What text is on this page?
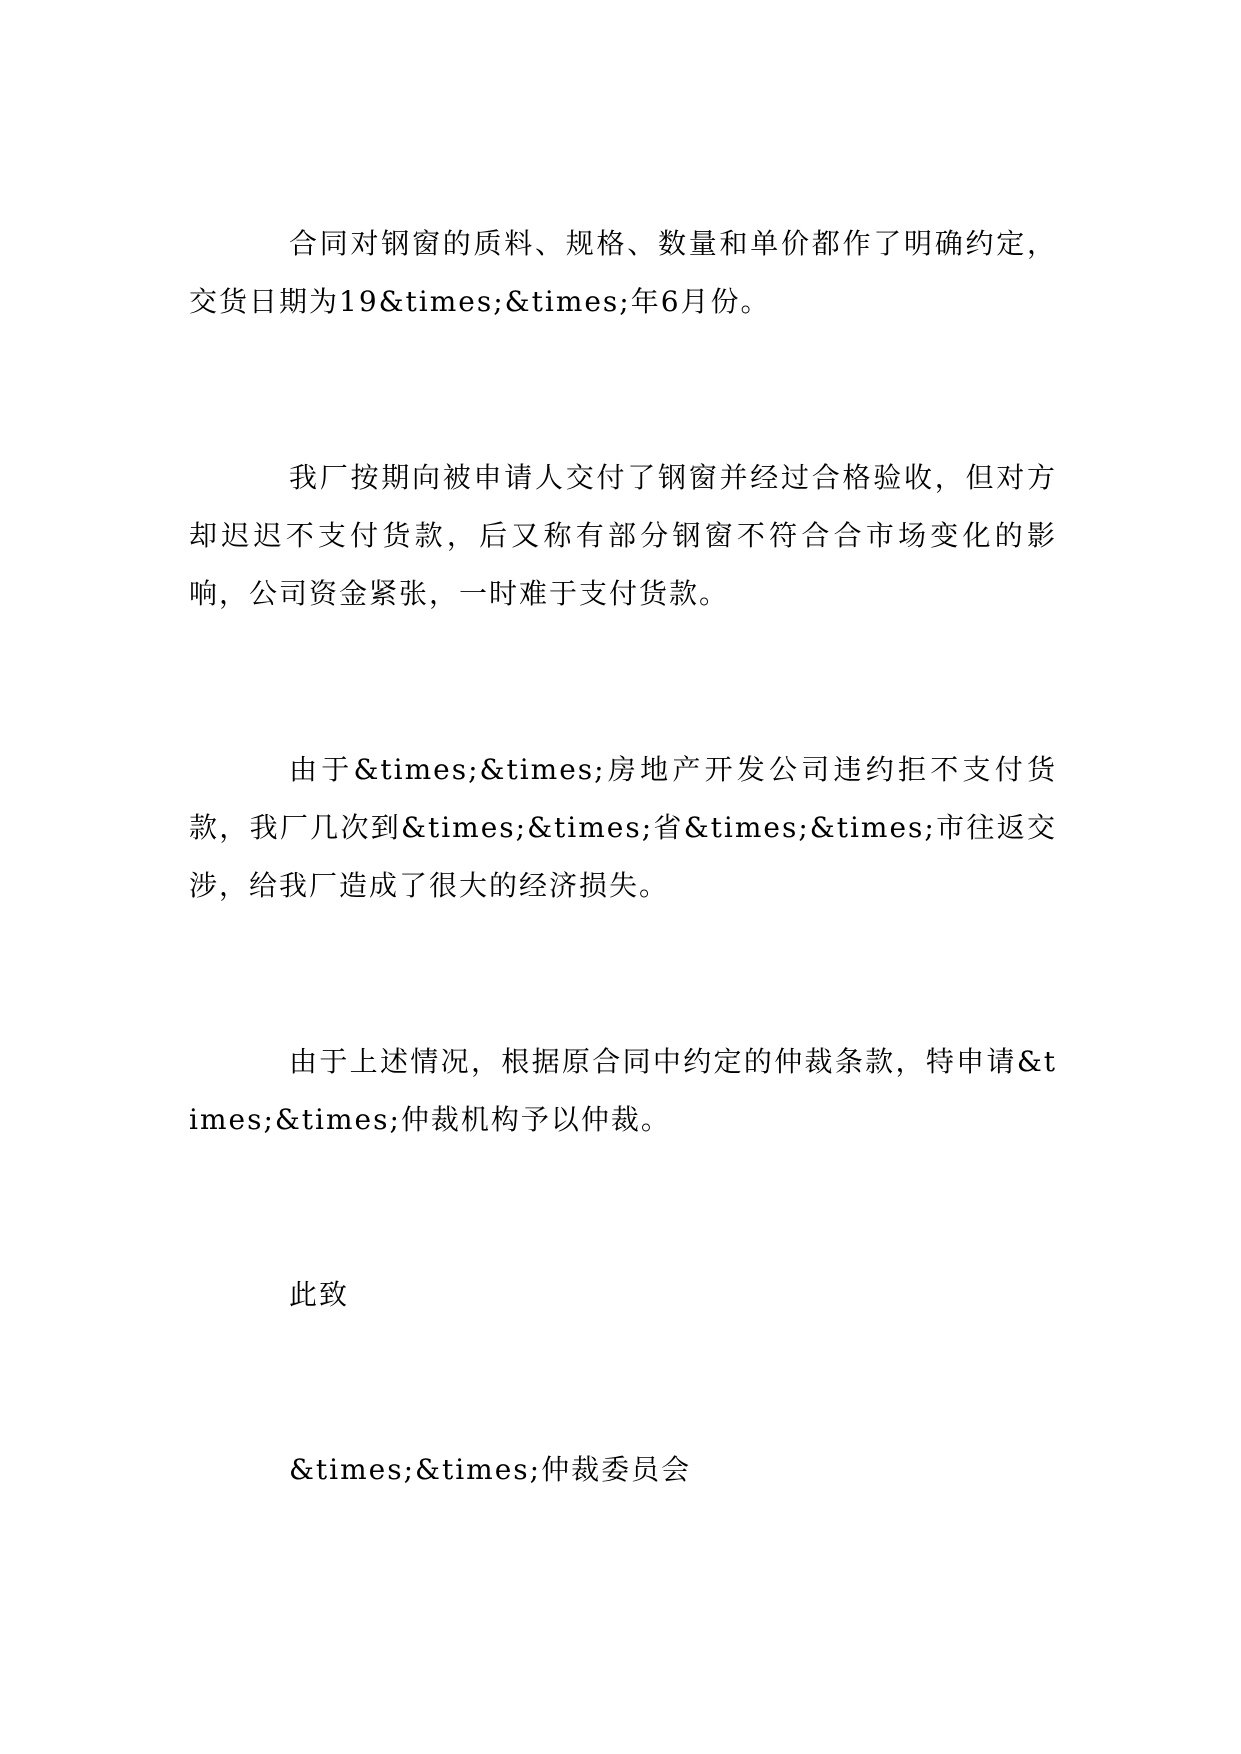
合同对钢窗的质料、规格、数量和单价都作了明确约定，交货日期为19&times;&times;年6月份。

我厂按期向被申请人交付了钢窗并经过合格验收，但对方却迟迟不支付货款，后又称有部分钢窗不符合合市场变化的影响，公司资金紧张，一时难于支付货款。

由于&times;&times;房地产开发公司违约拒不支付货款，我厂几次到&times;&times;省&times;&times;市往返交涉，给我厂造成了很大的经济损失。

由于上述情况，根据原合同中约定的仲裁条款，特申请&times;&times;仲裁机构予以仲裁。

此致

&times;&times;仲裁委员会
